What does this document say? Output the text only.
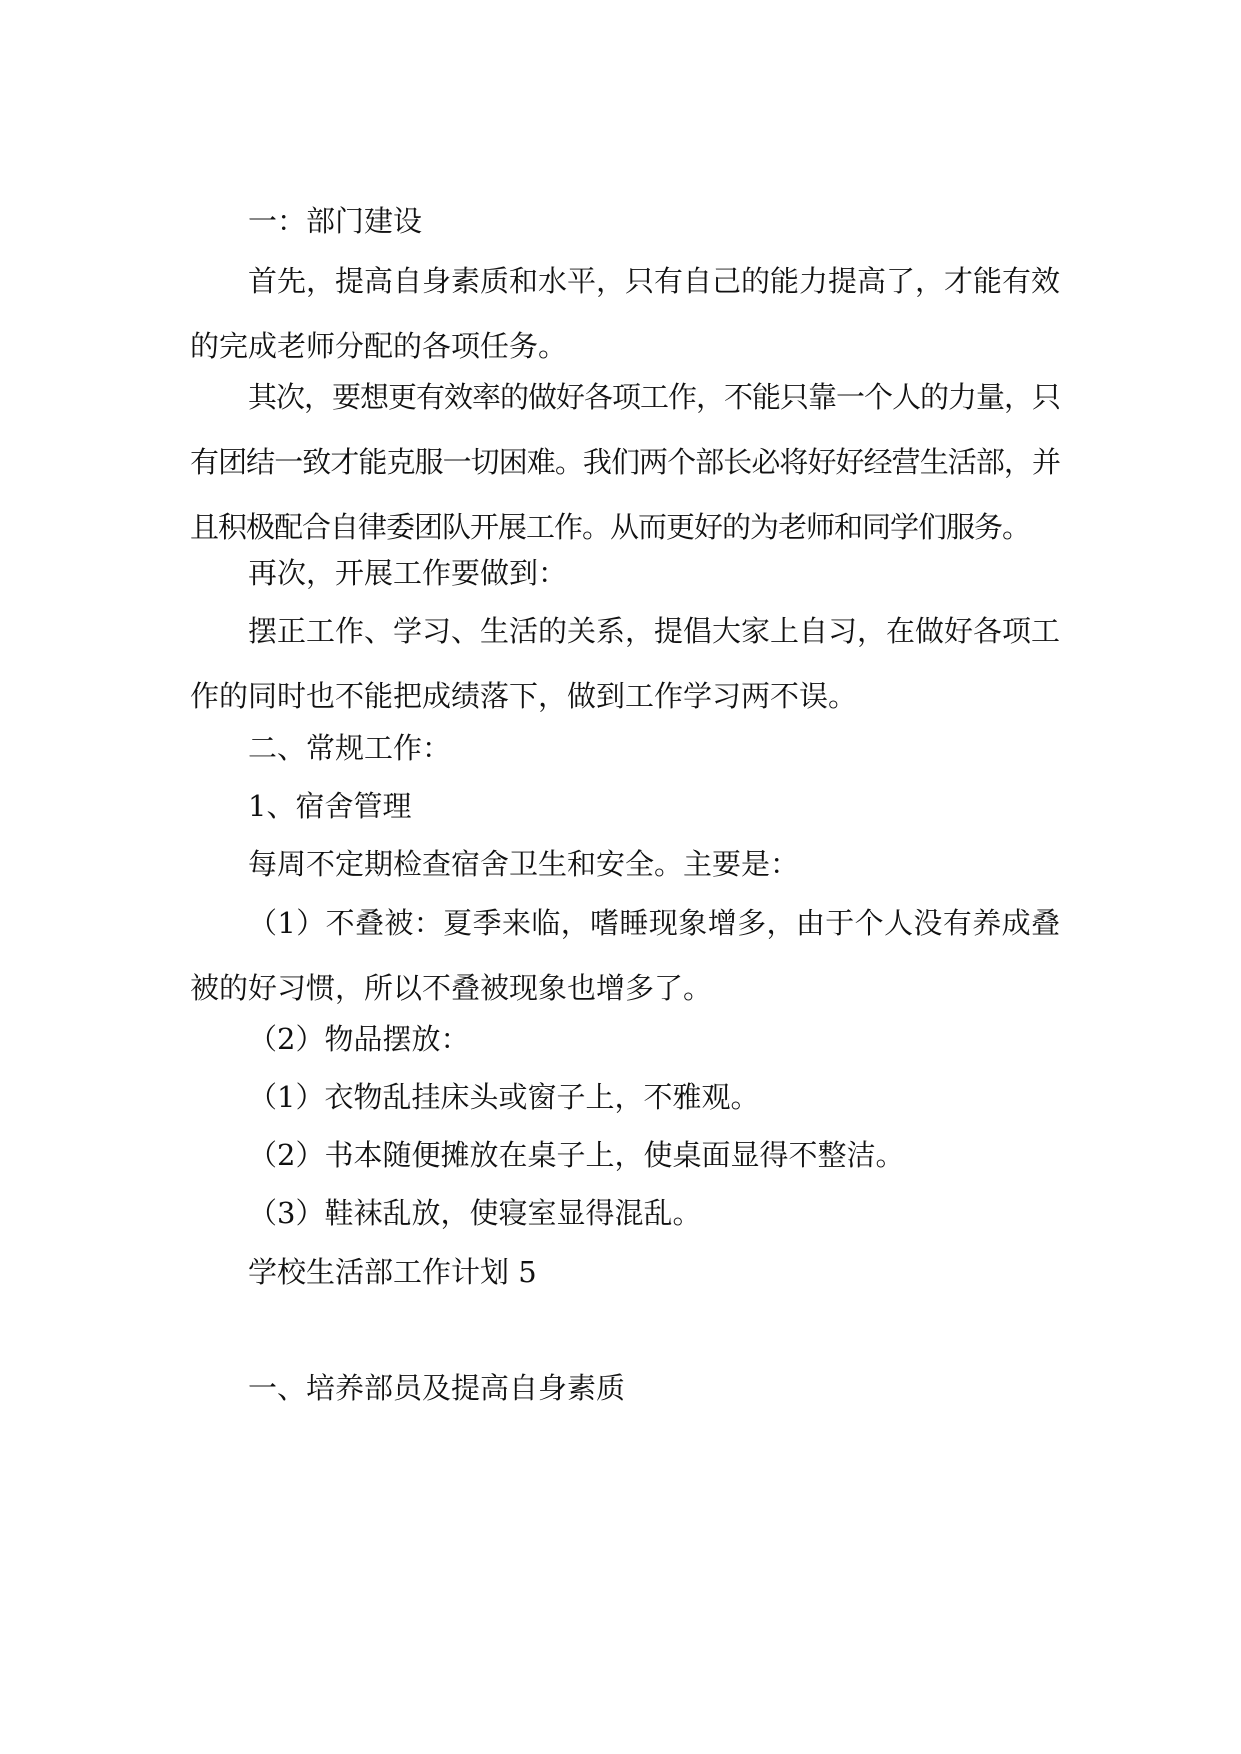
一：部门建设

首先，提高自身素质和水平，只有自己的能力提高了，才能有效的完成老师分配的各项任务。

其次，要想更有效率的做好各项工作，不能只靠一个人的力量，只有团结一致才能克服一切困难。我们两个部长必将好好经营生活部，并且积极配合自律委团队开展工作。从而更好的为老师和同学们服务。

再次，开展工作要做到：

摆正工作、学习、生活的关系，提倡大家上自习，在做好各项工作的同时也不能把成绩落下，做到工作学习两不误。

二、常规工作：

1、宿舍管理

每周不定期检查宿舍卫生和安全。主要是：

（1）不叠被：夏季来临，嗜睡现象增多，由于个人没有养成叠被的好习惯，所以不叠被现象也增多了。

（2）物品摆放：

（1）衣物乱挂床头或窗子上，不雅观。

（2）书本随便摊放在桌子上，使桌面显得不整洁。

（3）鞋袜乱放，使寝室显得混乱。

学校生活部工作计划 5

一、培养部员及提高自身素质
